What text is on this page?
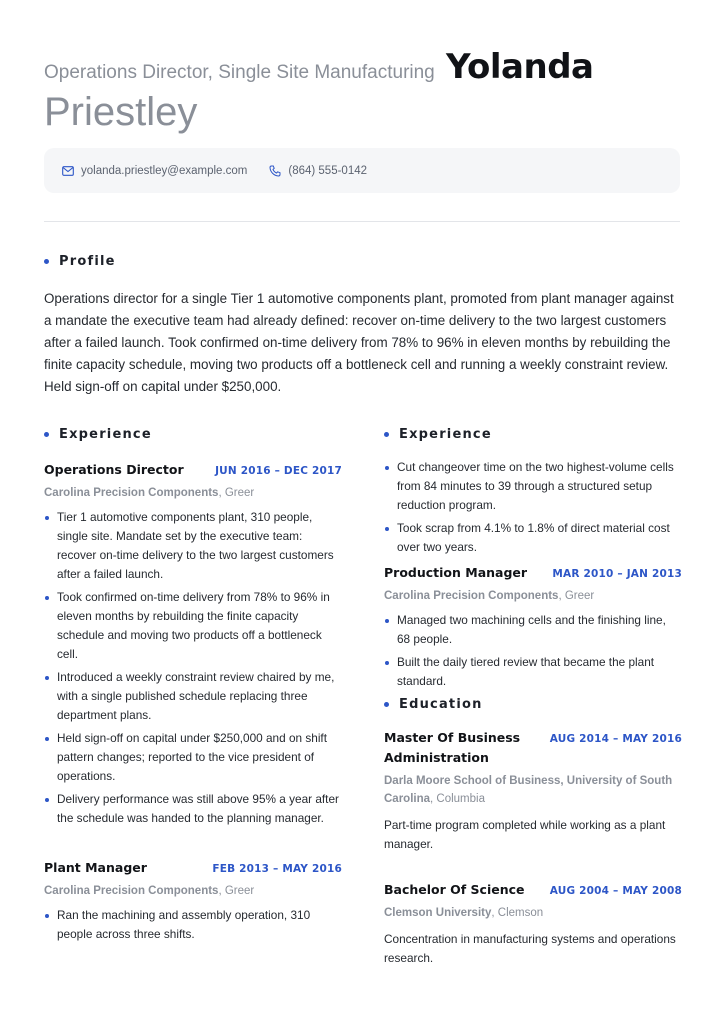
Operations Director, Single Site Manufacturing Yolanda
Priestley
yolanda.priestley@example.com	(864) 555-0142
Profile
Operations director for a single Tier 1 automotive components plant, promoted from plant manager against a mandate the executive team had already defined: recover on-time delivery to the two largest customers after a failed launch. Took confirmed on-time delivery from 78% to 96% in eleven months by rebuilding the finite capacity schedule, moving two products off a bottleneck cell and running a weekly constraint review. Held sign-off on capital under $250,000.
Experience
Operations Director	JUN 2016 – DEC 2017
Carolina Precision Components, Greer
Tier 1 automotive components plant, 310 people, single site. Mandate set by the executive team: recover on-time delivery to the two largest customers after a failed launch.
Took confirmed on-time delivery from 78% to 96% in eleven months by rebuilding the finite capacity schedule and moving two products off a bottleneck cell.
Introduced a weekly constraint review chaired by me, with a single published schedule replacing three department plans.
Held sign-off on capital under $250,000 and on shift pattern changes; reported to the vice president of operations.
Delivery performance was still above 95% a year after the schedule was handed to the planning manager.
Plant Manager	FEB 2013 – MAY 2016
Carolina Precision Components, Greer
Ran the machining and assembly operation, 310 people across three shifts.
Experience
Cut changeover time on the two highest-volume cells from 84 minutes to 39 through a structured setup reduction program.
Took scrap from 4.1% to 1.8% of direct material cost over two years.
Production Manager MAR 2010 – JAN 2013
Carolina Precision Components, Greer
Managed two machining cells and the finishing line, 68 people.
Built the daily tiered review that became the plant standard.
Education
Master Of Business Administration
AUG 2014 – MAY 2016
Darla Moore School of Business, University of South Carolina, Columbia
Part-time program completed while working as a plant manager.
Bachelor Of Science AUG 2004 – MAY 2008
Clemson University, Clemson
Concentration in manufacturing systems and operations research.
